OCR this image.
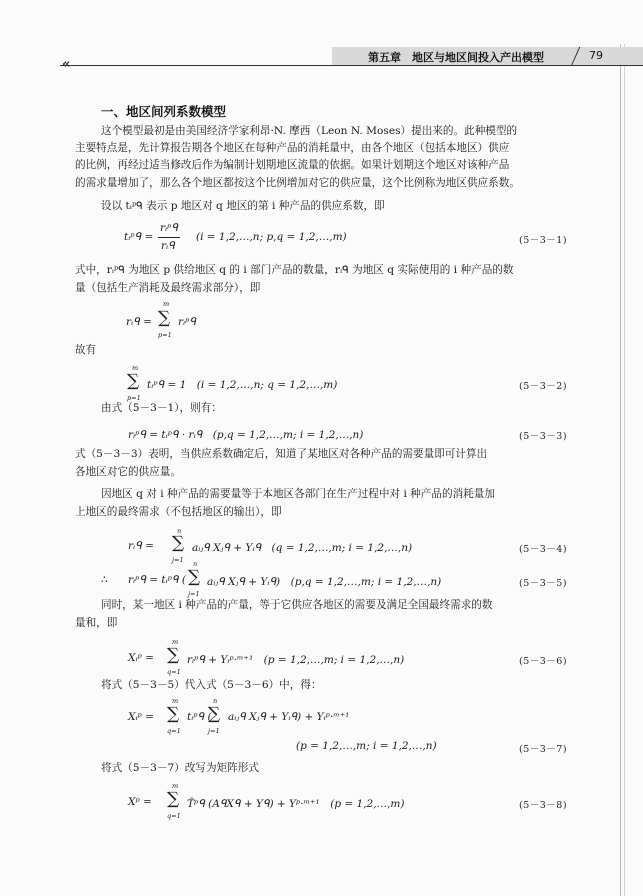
«	第五章　地区与地区间投入产出模型	79
一、地区间列系数模型
这个模型最初是由美国经济学家利昂·N. 摩西（Leon N. Moses）提出来的。此种模型的
主要特点是，先计算报告期各个地区在每种产品的消耗量中，由各个地区（包括本地区）供应
的比例，再经过适当修改后作为编制计划期地区流量的依据。如果计划期这个地区对该种产品
的需求量增加了，那么各个地区都按这个比例增加对它的供应量，这个比例称为地区供应系数。
设以 tᵢᵖᑫ 表示 p 地区对 q 地区的第 i 种产品的供应系数，即
tᵢᵖᑫ =
rᵢᵖᑫ
rᵢᑫ
(i = 1,2,…,n; p,q = 1,2,…,m)	(5－3－1)
式中，rᵢᵖᑫ 为地区 p 供给地区 q 的 i 部门产品的数量，rᵢᑫ 为地区 q 实际使用的 i 种产品的数
量（包括生产消耗及最终需求部分），即
rᵢᑫ =
m
∑
p=1
rᵢᵖᑫ
故有
m
∑
p=1
tᵢᵖᑫ = 1　(i = 1,2,…,n; q = 1,2,…,m)	(5－3－2)
由式（5－3－1），则有：
rᵢᵖᑫ = tᵢᵖᑫ · rᵢᑫ　(p,q = 1,2,…,m; i = 1,2,…,n)	(5－3－3)
式（5－3－3）表明，当供应系数确定后，知道了某地区对各种产品的需要量即可计算出
各地区对它的供应量。
因地区 q 对 i 种产品的需要量等于本地区各部门在生产过程中对 i 种产品的消耗量加
上地区的最终需求（不包括地区的输出），即
rᵢᑫ =
n
∑
j=1
aᵢⱼᑫ Xⱼᑫ + Yᵢᑫ　(q = 1,2,…,m; i = 1,2,…,n)	(5－3－4)
∴ rᵢᵖᑫ = tᵢᵖᑫ (
n
∑
j=1
aᵢⱼᑫ Xⱼᑫ + Yᵢᑫ)　(p,q = 1,2,…,m; i = 1,2,…,n)	(5－3－5)
同时，某一地区 i 种产品的产量，等于它供应各地区的需要及满足全国最终需求的数
量和，即
Xᵢᵖ =
m
∑
q=1
rᵢᵖᑫ + Yᵢᵖ·ᵐ⁺¹　(p = 1,2,…,m; i = 1,2,…,n)	(5－3－6)
将式（5－3－5）代入式（5－3－6）中，得：
Xᵢᵖ =
m
∑
q=1
tᵢᵖᑫ (
n
∑
j=1
aᵢⱼᑫ Xⱼᑫ + Yᵢᑫ) + Yᵢᵖ·ᵐ⁺¹
(p = 1,2,…,m; i = 1,2,…,n)	(5－3－7)
将式（5－3－7）改写为矩阵形式
Xᵖ =
m
∑
q=1
T̂ᵖᑫ (AᑫXᑫ + Yᑫ) + Yᵖ·ᵐ⁺¹　(p = 1,2,…,m)	(5－3－8)
